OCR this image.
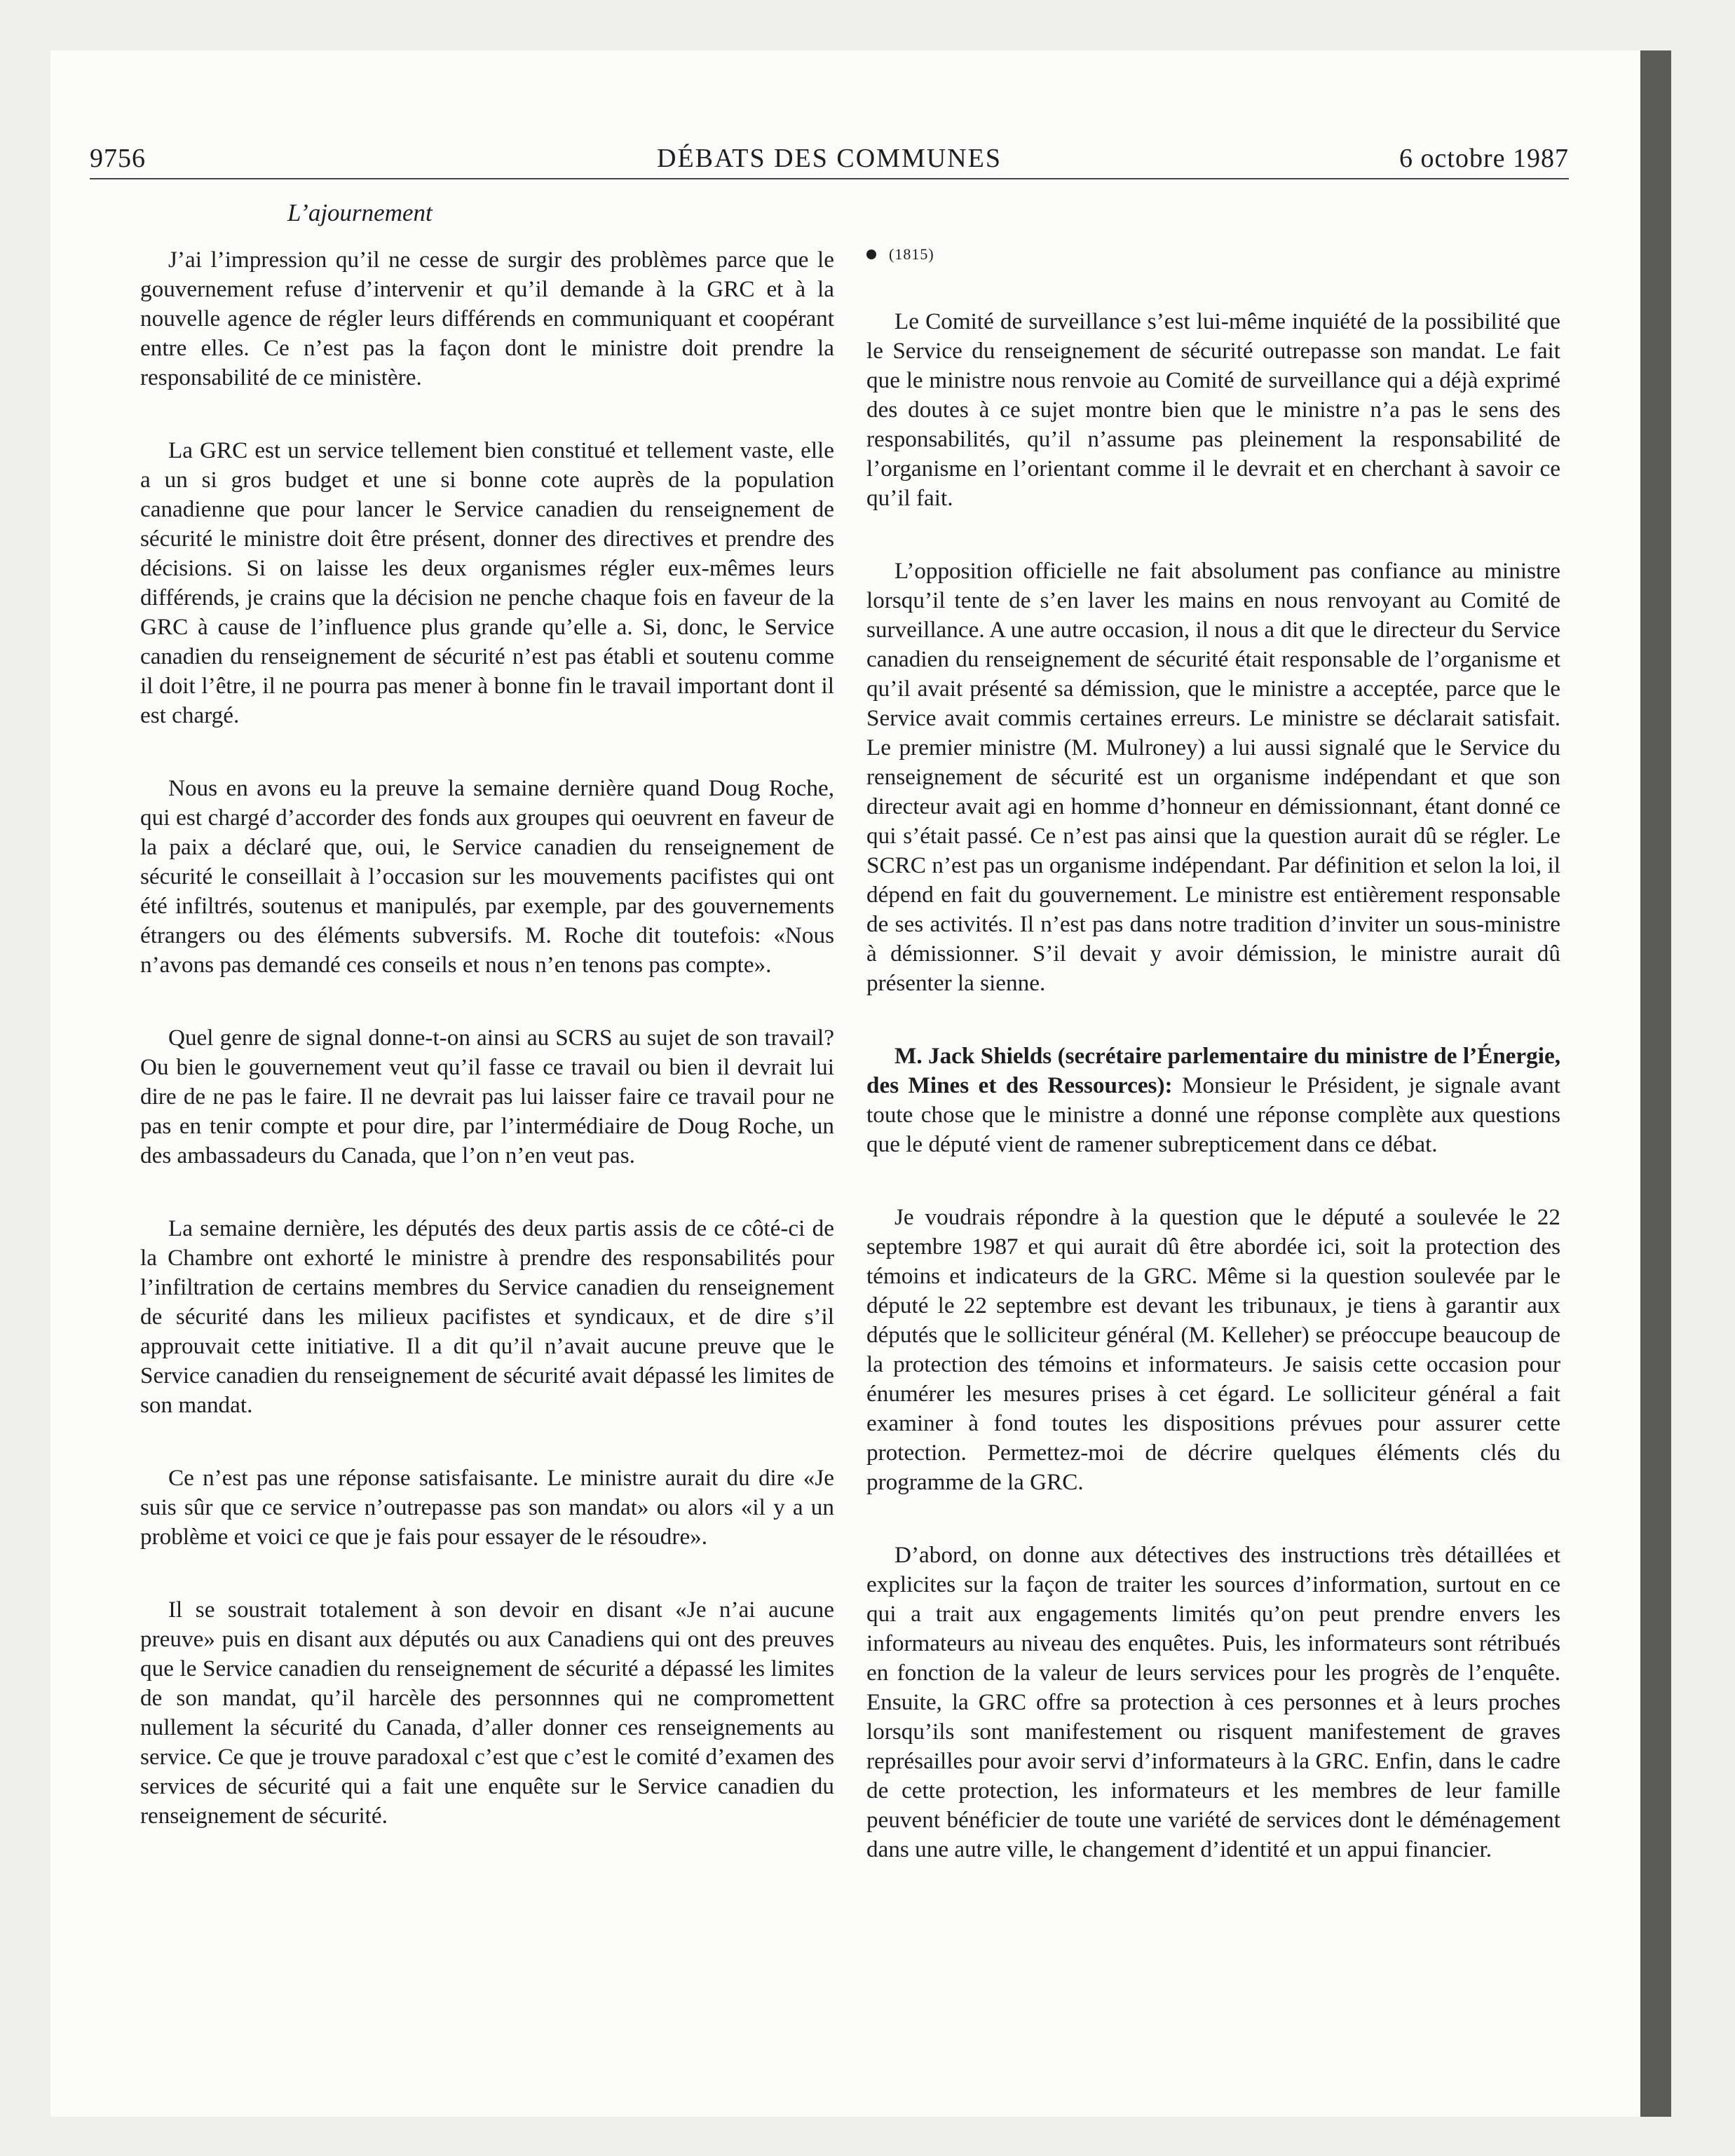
9756	DÉBATS DES COMMUNES	6 octobre 1987
L’ajournement

J’ai l’impression qu’il ne cesse de surgir des problèmes parce que le gouvernement refuse d’intervenir et qu’il demande à la GRC et à la nouvelle agence de régler leurs différends en communiquant et coopérant entre elles. Ce n’est pas la façon dont le ministre doit prendre la responsabilité de ce ministère.

La GRC est un service tellement bien constitué et tellement vaste, elle a un si gros budget et une si bonne cote auprès de la population canadienne que pour lancer le Service canadien du renseignement de sécurité le ministre doit être présent, donner des directives et prendre des décisions. Si on laisse les deux organismes régler eux-mêmes leurs différends, je crains que la décision ne penche chaque fois en faveur de la GRC à cause de l’influence plus grande qu’elle a. Si, donc, le Service canadien du renseignement de sécurité n’est pas établi et soutenu comme il doit l’être, il ne pourra pas mener à bonne fin le travail important dont il est chargé.

Nous en avons eu la preuve la semaine dernière quand Doug Roche, qui est chargé d’accorder des fonds aux groupes qui oeuvrent en faveur de la paix a déclaré que, oui, le Service canadien du renseignement de sécurité le conseillait à l’occasion sur les mouvements pacifistes qui ont été infiltrés, soutenus et manipulés, par exemple, par des gouvernements étrangers ou des éléments subversifs. M. Roche dit toutefois: «Nous n’avons pas demandé ces conseils et nous n’en tenons pas compte».

Quel genre de signal donne-t-on ainsi au SCRS au sujet de son travail? Ou bien le gouvernement veut qu’il fasse ce travail ou bien il devrait lui dire de ne pas le faire. Il ne devrait pas lui laisser faire ce travail pour ne pas en tenir compte et pour dire, par l’intermédiaire de Doug Roche, un des ambassadeurs du Canada, que l’on n’en veut pas.

La semaine dernière, les députés des deux partis assis de ce côté-ci de la Chambre ont exhorté le ministre à prendre des responsabilités pour l’infiltration de certains membres du Service canadien du renseignement de sécurité dans les milieux pacifistes et syndicaux, et de dire s’il approuvait cette initiative. Il a dit qu’il n’avait aucune preuve que le Service canadien du renseignement de sécurité avait dépassé les limites de son mandat.

Ce n’est pas une réponse satisfaisante. Le ministre aurait du dire «Je suis sûr que ce service n’outrepasse pas son mandat» ou alors «il y a un problème et voici ce que je fais pour essayer de le résoudre».

Il se soustrait totalement à son devoir en disant «Je n’ai aucune preuve» puis en disant aux députés ou aux Canadiens qui ont des preuves que le Service canadien du renseignement de sécurité a dépassé les limites de son mandat, qu’il harcèle des personnnes qui ne compromettent nullement la sécurité du Canada, d’aller donner ces renseignements au service. Ce que je trouve paradoxal c’est que c’est le comité d’examen des services de sécurité qui a fait une enquête sur le Service canadien du renseignement de sécurité.

(1815)

Le Comité de surveillance s’est lui-même inquiété de la possibilité que le Service du renseignement de sécurité outrepasse son mandat. Le fait que le ministre nous renvoie au Comité de surveillance qui a déjà exprimé des doutes à ce sujet montre bien que le ministre n’a pas le sens des responsabilités, qu’il n’assume pas pleinement la responsabilité de l’organisme en l’orientant comme il le devrait et en cherchant à savoir ce qu’il fait.

L’opposition officielle ne fait absolument pas confiance au ministre lorsqu’il tente de s’en laver les mains en nous renvoyant au Comité de surveillance. A une autre occasion, il nous a dit que le directeur du Service canadien du renseignement de sécurité était responsable de l’organisme et qu’il avait présenté sa démission, que le ministre a acceptée, parce que le Service avait commis certaines erreurs. Le ministre se déclarait satisfait. Le premier ministre (M. Mulroney) a lui aussi signalé que le Service du renseignement de sécurité est un organisme indépendant et que son directeur avait agi en homme d’honneur en démissionnant, étant donné ce qui s’était passé. Ce n’est pas ainsi que la question aurait dû se régler. Le SCRC n’est pas un organisme indépendant. Par définition et selon la loi, il dépend en fait du gouvernement. Le ministre est entièrement responsable de ses activités. Il n’est pas dans notre tradition d’inviter un sous-ministre à démissionner. S’il devait y avoir démission, le ministre aurait dû présenter la sienne.

M. Jack Shields (secrétaire parlementaire du ministre de l’Énergie, des Mines et des Ressources): Monsieur le Président, je signale avant toute chose que le ministre a donné une réponse complète aux questions que le député vient de ramener subrepticement dans ce débat.

Je voudrais répondre à la question que le député a soulevée le 22 septembre 1987 et qui aurait dû être abordée ici, soit la protection des témoins et indicateurs de la GRC. Même si la question soulevée par le député le 22 septembre est devant les tribunaux, je tiens à garantir aux députés que le solliciteur général (M. Kelleher) se préoccupe beaucoup de la protection des témoins et informateurs. Je saisis cette occasion pour énumérer les mesures prises à cet égard. Le solliciteur général a fait examiner à fond toutes les dispositions prévues pour assurer cette protection. Permettez-moi de décrire quelques éléments clés du programme de la GRC.

D’abord, on donne aux détectives des instructions très détaillées et explicites sur la façon de traiter les sources d’information, surtout en ce qui a trait aux engagements limités qu’on peut prendre envers les informateurs au niveau des enquêtes. Puis, les informateurs sont rétribués en fonction de la valeur de leurs services pour les progrès de l’enquête. Ensuite, la GRC offre sa protection à ces personnes et à leurs proches lorsqu’ils sont manifestement ou risquent manifestement de graves représailles pour avoir servi d’informateurs à la GRC. Enfin, dans le cadre de cette protection, les informateurs et les membres de leur famille peuvent bénéficier de toute une variété de services dont le déménagement dans une autre ville, le changement d’identité et un appui financier.
